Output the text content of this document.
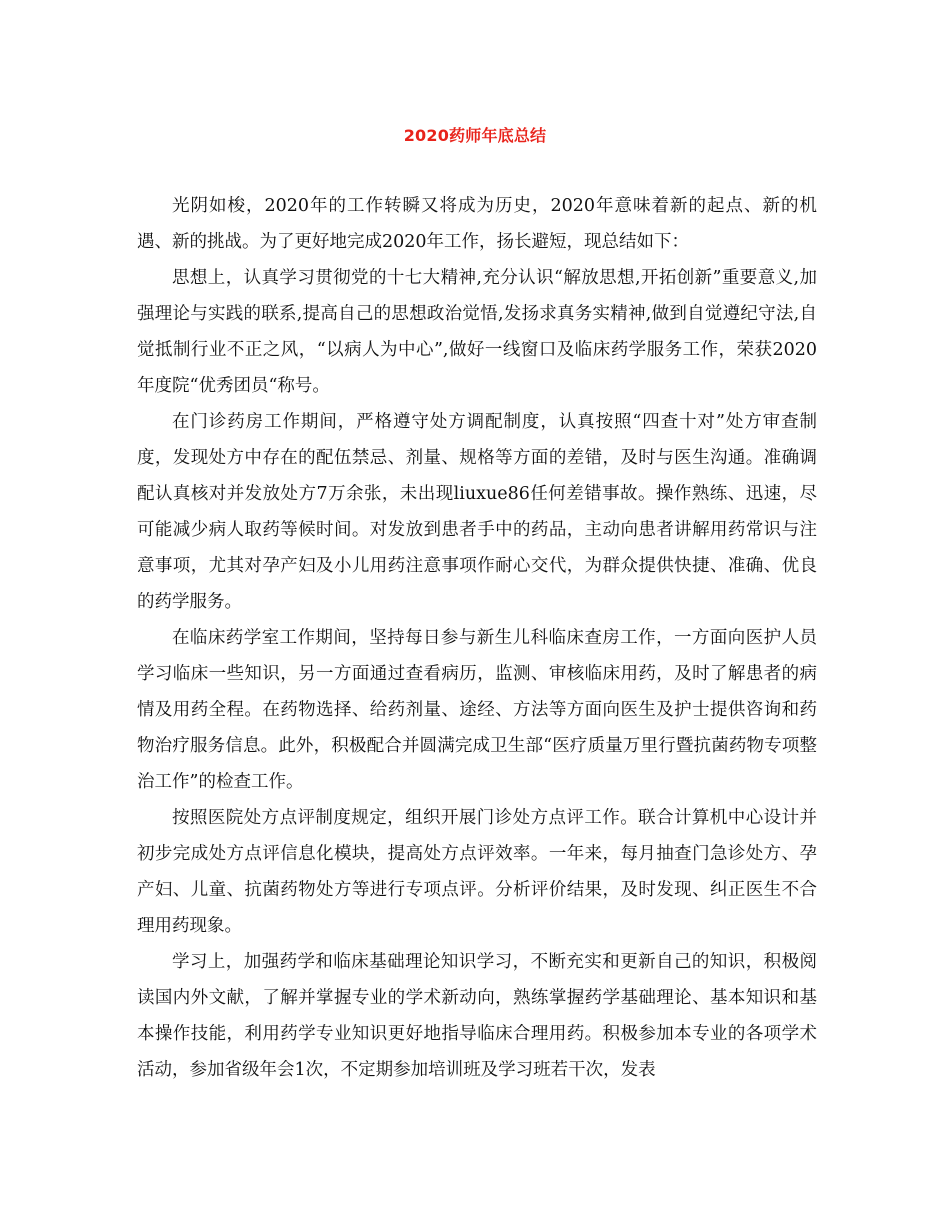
2020药师年底总结

光阴如梭，2020年的工作转瞬又将成为历史，2020年意味着新的起点、新的机遇、新的挑战。为了更好地完成2020年工作，扬长避短，现总结如下：

思想上，认真学习贯彻党的十七大精神,充分认识“解放思想,开拓创新”重要意义,加强理论与实践的联系,提高自己的思想政治觉悟,发扬求真务实精神,做到自觉遵纪守法,自觉抵制行业不正之风，“以病人为中心”,做好一线窗口及临床药学服务工作，荣获2020年度院“优秀团员“称号。

在门诊药房工作期间，严格遵守处方调配制度，认真按照“四查十对”处方审查制度，发现处方中存在的配伍禁忌、剂量、规格等方面的差错，及时与医生沟通。准确调配认真核对并发放处方7万余张，未出现liuxue86任何差错事故。操作熟练、迅速，尽可能减少病人取药等候时间。对发放到患者手中的药品，主动向患者讲解用药常识与注意事项，尤其对孕产妇及小儿用药注意事项作耐心交代，为群众提供快捷、准确、优良的药学服务。

在临床药学室工作期间，坚持每日参与新生儿科临床查房工作，一方面向医护人员学习临床一些知识，另一方面通过查看病历，监测、审核临床用药，及时了解患者的病情及用药全程。在药物选择、给药剂量、途经、方法等方面向医生及护士提供咨询和药物治疗服务信息。此外，积极配合并圆满完成卫生部“医疗质量万里行暨抗菌药物专项整治工作”的检查工作。

按照医院处方点评制度规定，组织开展门诊处方点评工作。联合计算机中心设计并初步完成处方点评信息化模块，提高处方点评效率。一年来，每月抽查门急诊处方、孕产妇、儿童、抗菌药物处方等进行专项点评。分析评价结果，及时发现、纠正医生不合理用药现象。

学习上，加强药学和临床基础理论知识学习，不断充实和更新自己的知识，积极阅读国内外文献，了解并掌握专业的学术新动向，熟练掌握药学基础理论、基本知识和基本操作技能，利用药学专业知识更好地指导临床合理用药。积极参加本专业的各项学术活动，参加省级年会1次，不定期参加培训班及学习班若干次，发表
